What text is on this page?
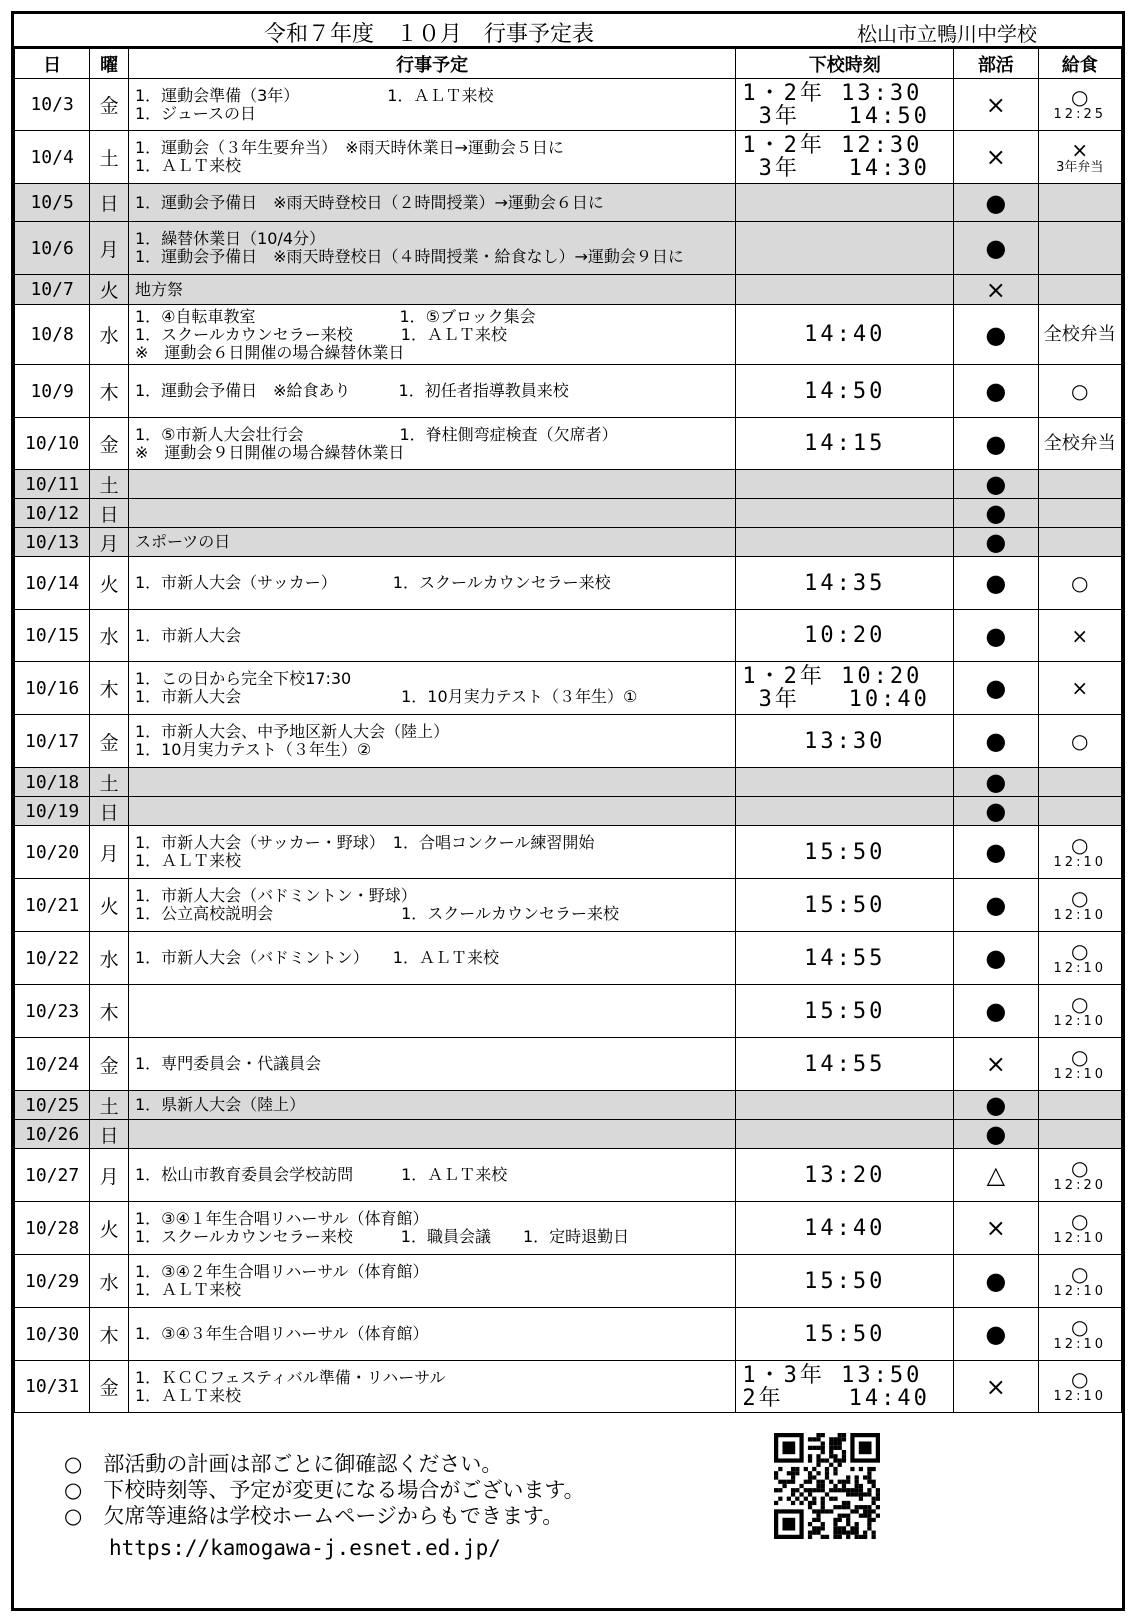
令和７年度　１０月　行事予定表	松山市立鴨川中学校
日	曜	行事予定	下校時刻	部活	給食
10/3	金	1．運動会準備（3年）　　　　　　1．ＡＬＴ来校
1．ジュースの日	1・2年 13:30
3年   14:50	×	○
12:25

10/4	土	1．運動会（３年生要弁当）　※雨天時休業日→運動会５日に
1．ＡＬＴ来校	1・2年 12:30
3年   14:30	×	×
3年弁当

10/5	日	1．運動会予備日　※雨天時登校日（２時間授業）→運動会６日に		●	

10/6	月	1．繰替休業日（10/4分）
1．運動会予備日　※雨天時登校日（４時間授業・給食なし）→運動会９日に		●	

10/7	火	地方祭		×	

10/8	水	1．④自転車教室　　　　　　　　　1．⑤ブロック集会
1．スクールカウンセラー来校　　　1．ＡＬＴ来校
※　運動会６日開催の場合繰替休業日	14:40	●	全校弁当

10/9	木	1．運動会予備日　※給食あり　　　1．初任者指導教員来校	14:50	●	○

10/10	金	1．⑤市新人大会壮行会　　　　　　1．脊柱側弯症検査（欠席者）
※　運動会９日開催の場合繰替休業日	14:15	●	全校弁当

10/11	土			●	

10/12	日			●	

10/13	月	スポーツの日		●	

10/14	火	1．市新人大会（サッカー）　　　　1．スクールカウンセラー来校	14:35	●	○

10/15	水	1．市新人大会	10:20	●	×

10/16	木	1．この日から完全下校17:30
1．市新人大会　　　　　　　　　　1．10月実力テスト（３年生）①	1・2年 10:20
3年   10:40	●	×

10/17	金	1．市新人大会、中予地区新人大会（陸上）
1．10月実力テスト（３年生）②	13:30	●	○

10/18	土			●	

10/19	日			●	

10/20	月	1．市新人大会（サッカー・野球）　1．合唱コンクール練習開始
1．ＡＬＴ来校	15:50	●	○
12:10

10/21	火	1．市新人大会（バドミントン・野球）
1．公立高校説明会　　　　　　　　1．スクールカウンセラー来校	15:50	●	○
12:10

10/22	水	1．市新人大会（バドミントン）　　1．ＡＬＴ来校	14:55	●	○
12:10

10/23	木		15:50	●	○
12:10

10/24	金	1．専門委員会・代議員会	14:55	×	○
12:10

10/25	土	1．県新人大会（陸上）		●	

10/26	日			●	

10/27	月	1．松山市教育委員会学校訪問　　　1．ＡＬＴ来校	13:20	△	○
12:20

10/28	火	1．③④１年生合唱リハーサル（体育館）
1．スクールカウンセラー来校　　　1．職員会議　　1．定時退勤日	14:40	×	○
12:10

10/29	水	1．③④２年生合唱リハーサル（体育館）
1．ＡＬＴ来校	15:50	●	○
12:10

10/30	木	1．③④３年生合唱リハーサル（体育館）	15:50	●	○
12:10

10/31	金	1．ＫＣＣフェスティバル準備・リハーサル
1．ＡＬＴ来校	1・3年 13:50
2年    14:40	×	○
12:10
○　部活動の計画は部ごとに御確認ください。
○　下校時刻等、予定が変更になる場合がございます。
○　欠席等連絡は学校ホームページからもできます。
https://kamogawa-j.esnet.ed.jp/
